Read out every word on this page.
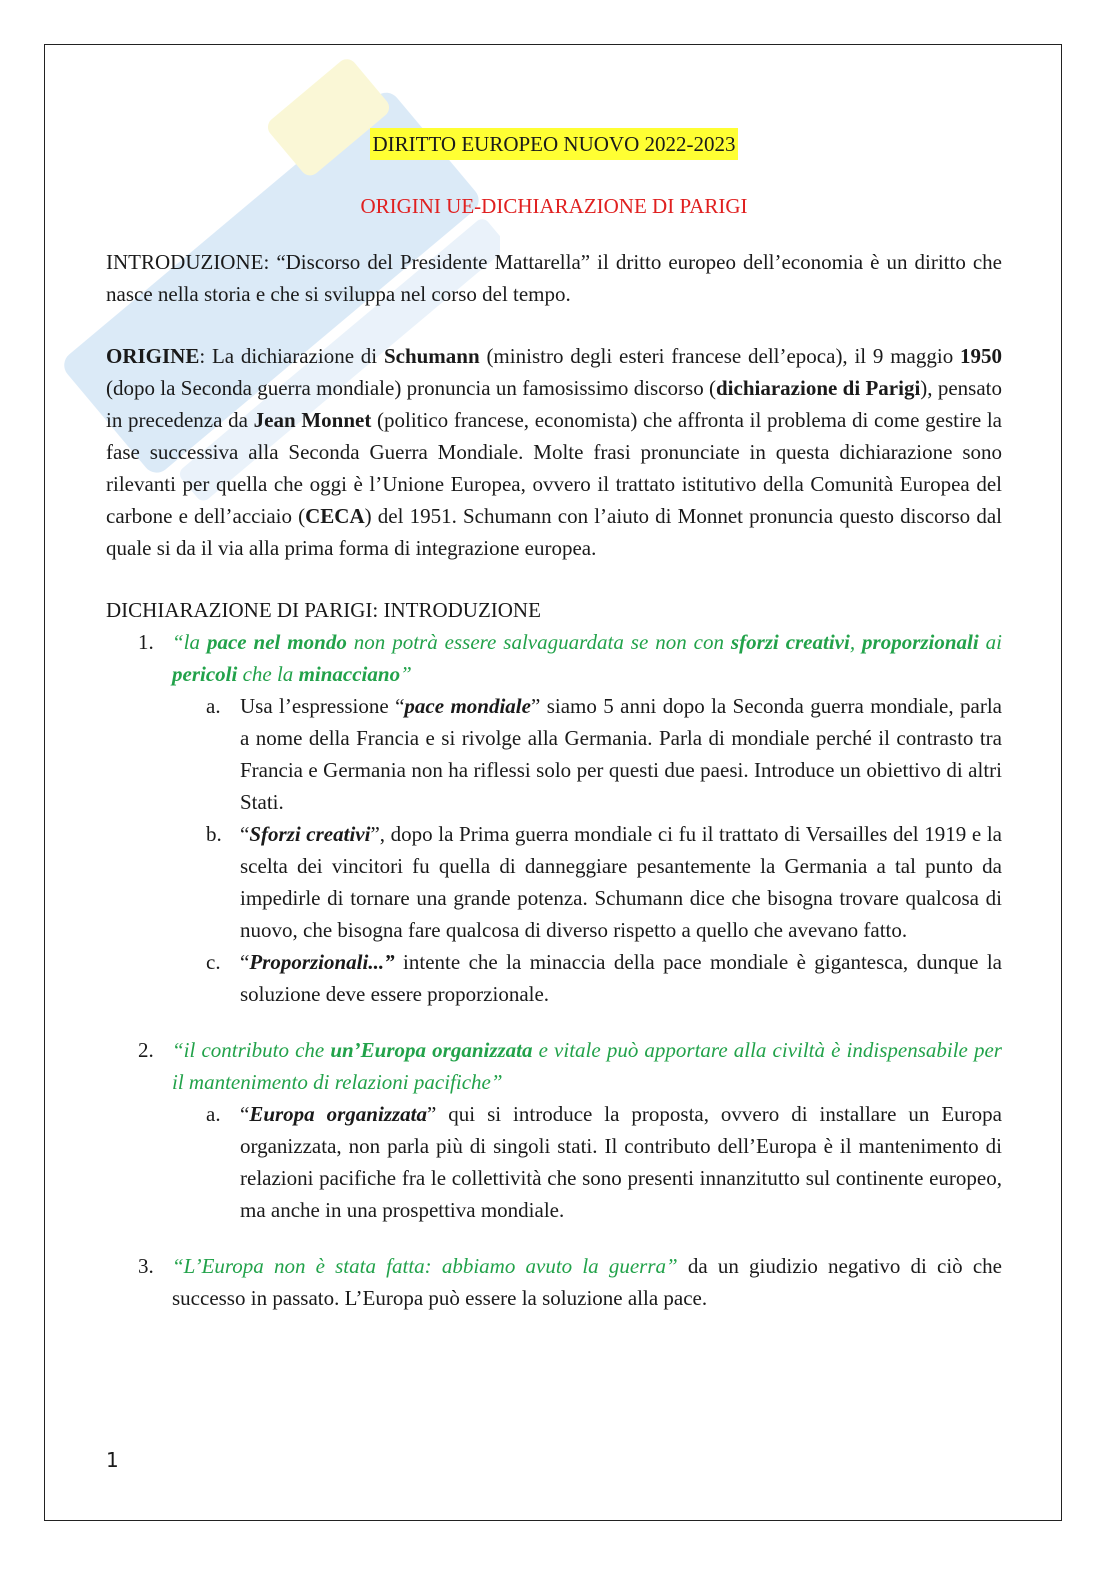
DIRITTO EUROPEO NUOVO 2022-2023
ORIGINI UE-DICHIARAZIONE DI PARIGI
INTRODUZIONE: “Discorso del Presidente Mattarella” il dritto europeo dell’economia è un diritto che nasce nella storia e che si sviluppa nel corso del tempo.
ORIGINE: La dichiarazione di Schumann (ministro degli esteri francese dell’epoca), il 9 maggio 1950 (dopo la Seconda guerra mondiale) pronuncia un famosissimo discorso (dichiarazione di Parigi), pensato in precedenza da Jean Monnet (politico francese, economista) che affronta il problema di come gestire la fase successiva alla Seconda Guerra Mondiale. Molte frasi pronunciate in questa dichiarazione sono rilevanti per quella che oggi è l’Unione Europea, ovvero il trattato istitutivo della Comunità Europea del carbone e dell’acciaio (CECA) del 1951. Schumann con l’aiuto di Monnet pronuncia questo discorso dal quale si da il via alla prima forma di integrazione europea.
DICHIARAZIONE DI PARIGI: INTRODUZIONE
1. “la pace nel mondo non potrà essere salvaguardata se non con sforzi creativi, proporzionali ai pericoli che la minacciano”
a. Usa l’espressione “pace mondiale” siamo 5 anni dopo la Seconda guerra mondiale, parla a nome della Francia e si rivolge alla Germania. Parla di mondiale perché il contrasto tra Francia e Germania non ha riflessi solo per questi due paesi. Introduce un obiettivo di altri Stati.
b. “Sforzi creativi”, dopo la Prima guerra mondiale ci fu il trattato di Versailles del 1919 e la scelta dei vincitori fu quella di danneggiare pesantemente la Germania a tal punto da impedirle di tornare una grande potenza. Schumann dice che bisogna trovare qualcosa di nuovo, che bisogna fare qualcosa di diverso rispetto a quello che avevano fatto.
c. “Proporzionali...” intente che la minaccia della pace mondiale è gigantesca, dunque la soluzione deve essere proporzionale.
2. “il contributo che un’Europa organizzata e vitale può apportare alla civiltà è indispensabile per il mantenimento di relazioni pacifiche”
a. “Europa organizzata” qui si introduce la proposta, ovvero di installare un Europa organizzata, non parla più di singoli stati. Il contributo dell’Europa è il mantenimento di relazioni pacifiche fra le collettività che sono presenti innanzitutto sul continente europeo, ma anche in una prospettiva mondiale.
3. “L’Europa non è stata fatta: abbiamo avuto la guerra” da un giudizio negativo di ciò che successo in passato. L’Europa può essere la soluzione alla pace.
1
